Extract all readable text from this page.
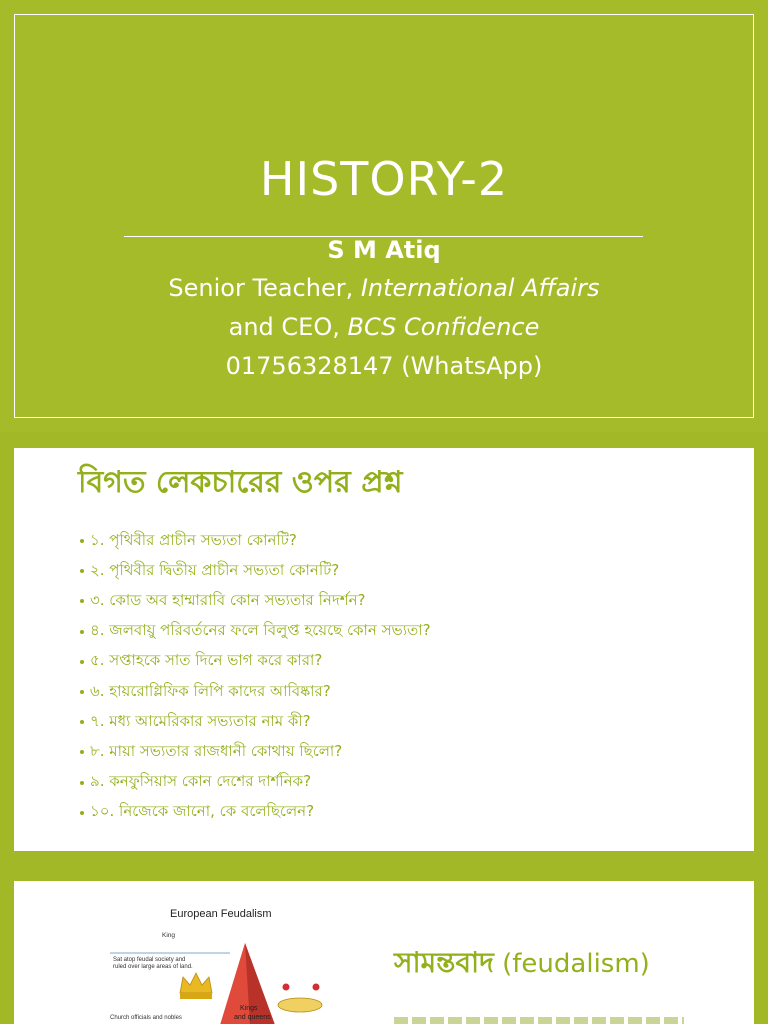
HISTORY-2
S M Atiq
Senior Teacher, International Affairs
and CEO, BCS Confidence
01756328147 (WhatsApp)
বিগত লেকচারের ওপর প্রশ্ন
১. পৃথিবীর প্রাচীন সভ্যতা কোনটি?
২. পৃথিবীর দ্বিতীয় প্রাচীন সভ্যতা কোনটি?
৩. কোড অব হাম্মারাবি কোন সভ্যতার নিদর্শন?
৪. জলবায়ু পরিবর্তনের ফলে বিলুপ্ত হয়েছে কোন সভ্যতা?
৫. সপ্তাহকে সাত দিনে ভাগ করে কারা?
৬. হায়রোগ্লিফিক লিপি কাদের আবিষ্কার?
৭. মধ্য আমেরিকার সভ্যতার নাম কী?
৮. মায়া সভ্যতার রাজধানী কোথায় ছিলো?
৯. কনফুসিয়াস কোন দেশের দার্শনিক?
১০. নিজেকে জানো, কে বলেছিলেন?
European Feudalism
King
Sat atop feudal society and
ruled over large areas of land.
Kings
and queens
Church officials and nobles
সামন্তবাদ (feudalism)
